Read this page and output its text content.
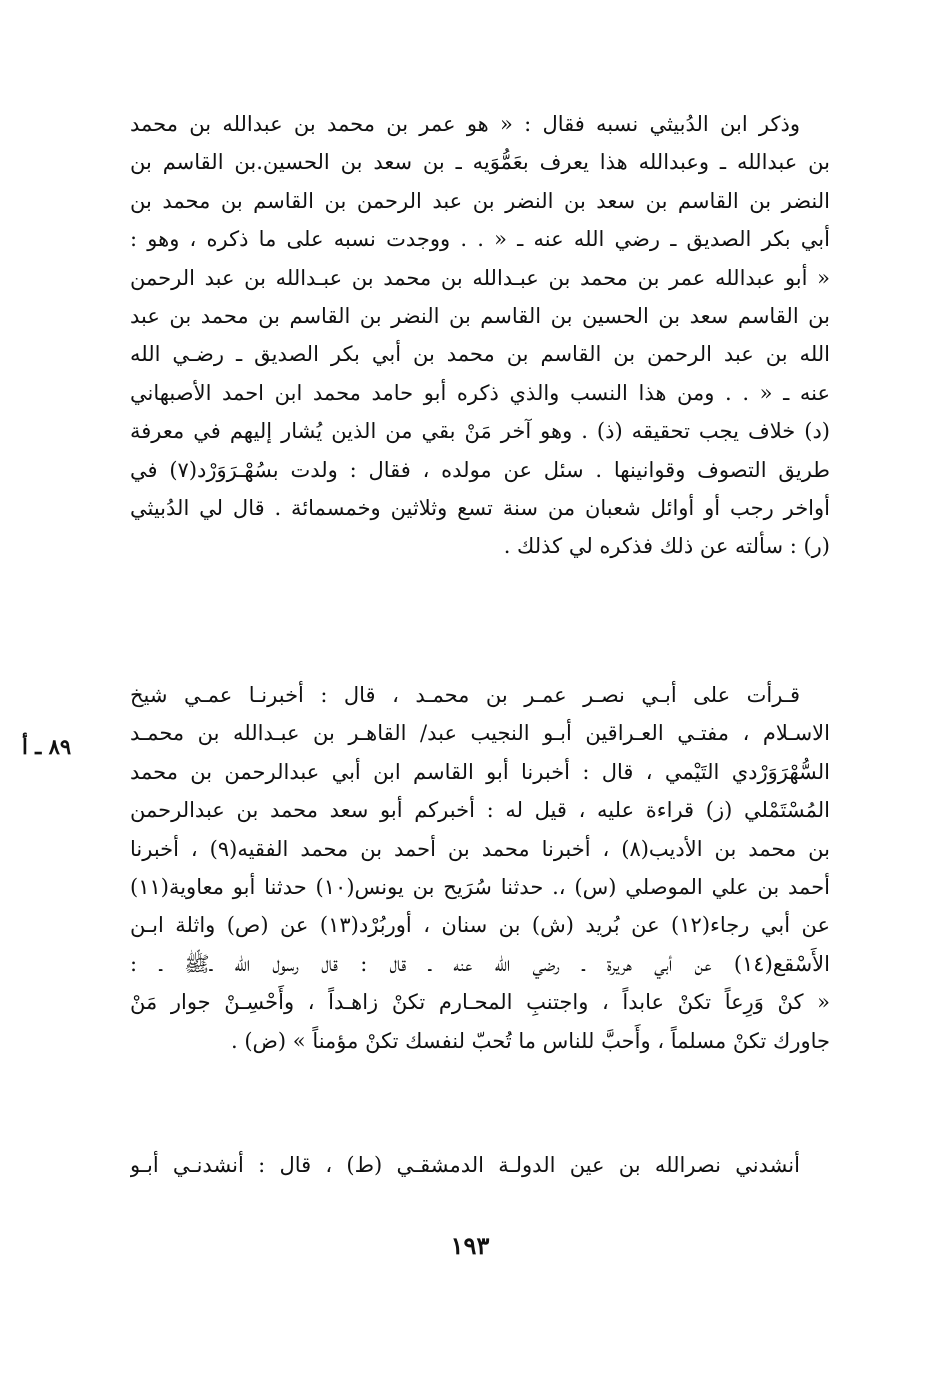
وذكر ابن الدُبيثي نسبه فقال : « هو عمر بن محمد بن عبدالله بن محمد
بن عبدالله ـ وعبدالله هذا يعرف بعَمُّوَيه ـ بن سعد بن الحسين.بن القاسم بن
النضر بن القاسم بن سعد بن النضر بن عبد الرحمن بن القاسم بن محمد بن
أبي بكر الصديق ـ رضي الله عنه ـ « . . ووجدت نسبه على ما ذكره ، وهو :
« أبو عبدالله عمر بن محمد بن عبـدالله بن محمد بن عبـدالله بن عبد الرحمن
بن القاسم سعد بن الحسين بن القاسم بن النضر بن القاسم بن محمد بن عبد
الله بن عبد الرحمن بن القاسم بن محمد بن أبي بكر الصديق ـ رضـي الله
عنه ـ « . . ومن هذا النسب والذي ذكره أبو حامد محمد ابن احمد الأصبهاني
(د) خلاف يجب تحقيقه (ذ) . وهو آخر مَنْ بقي من الذين يُشار إليهم في معرفة
طريق التصوف وقوانينها . سئل عن مولده ، فقال : ولدت بسُهْـرَوَرْد(٧) في
أواخر رجب أو أوائل شعبان من سنة تسع وثلاثين وخمسمائة . قال لي الدُبيثي
(ر) : سألته عن ذلك فذكره لي كذلك .
٨٩ ـ أ
قـرأت على أبـي نصـر عمـر بن محمـد ، قال : أخبرنـا عمـي شيخ
الاسـلام ، مفتـي العـراقين أبـو النجيب عبد/ القاهـر بن عبـدالله بن محمـد
السُّهْرَوَرْدي التَيْمي ، قال : أخبرنا أبو القاسم ابن أبي عبدالرحمن بن محمد
المُسْتَمْلي (ز) قراءة عليه ، قيل له : أخبركم أبو سعد محمد بن عبدالرحمن
بن محمد بن الأديب(٨) ، أخبرنا محمد بن أحمد بن محمد الفقيه(٩) ، أخبرنا
أحمد بن علي الموصلي (س) ،. حدثنا سُرَيح بن يونس(١٠) حدثنا أبو معاوية(١١)
عن أبي رجاء(١٢) عن بُريد (ش) بن سنان ، أوربُرْد(١٣) عن (ص) واثلة ابـن
الأَسْقع(١٤) عن أبي هريرة ـ رضي الله عنه ـ قال : قال رسول الله ـﷺ ـ :
« كنْ وَرِعاً تكنْ عابداً ، واجتنبِ المحـارم تكنْ زاهـداً ، وأَحْسِـنْ جوار مَنْ
جاورك تكنْ مسلماً ، وأَحبَّ للناس ما تُحبّ لنفسك تكنْ مؤمناً » (ض) .
أنشدني نصرالله بن عين الدولـة الدمشقـي (ط) ، قال : أنشدنـي أبـو
١٩٣
